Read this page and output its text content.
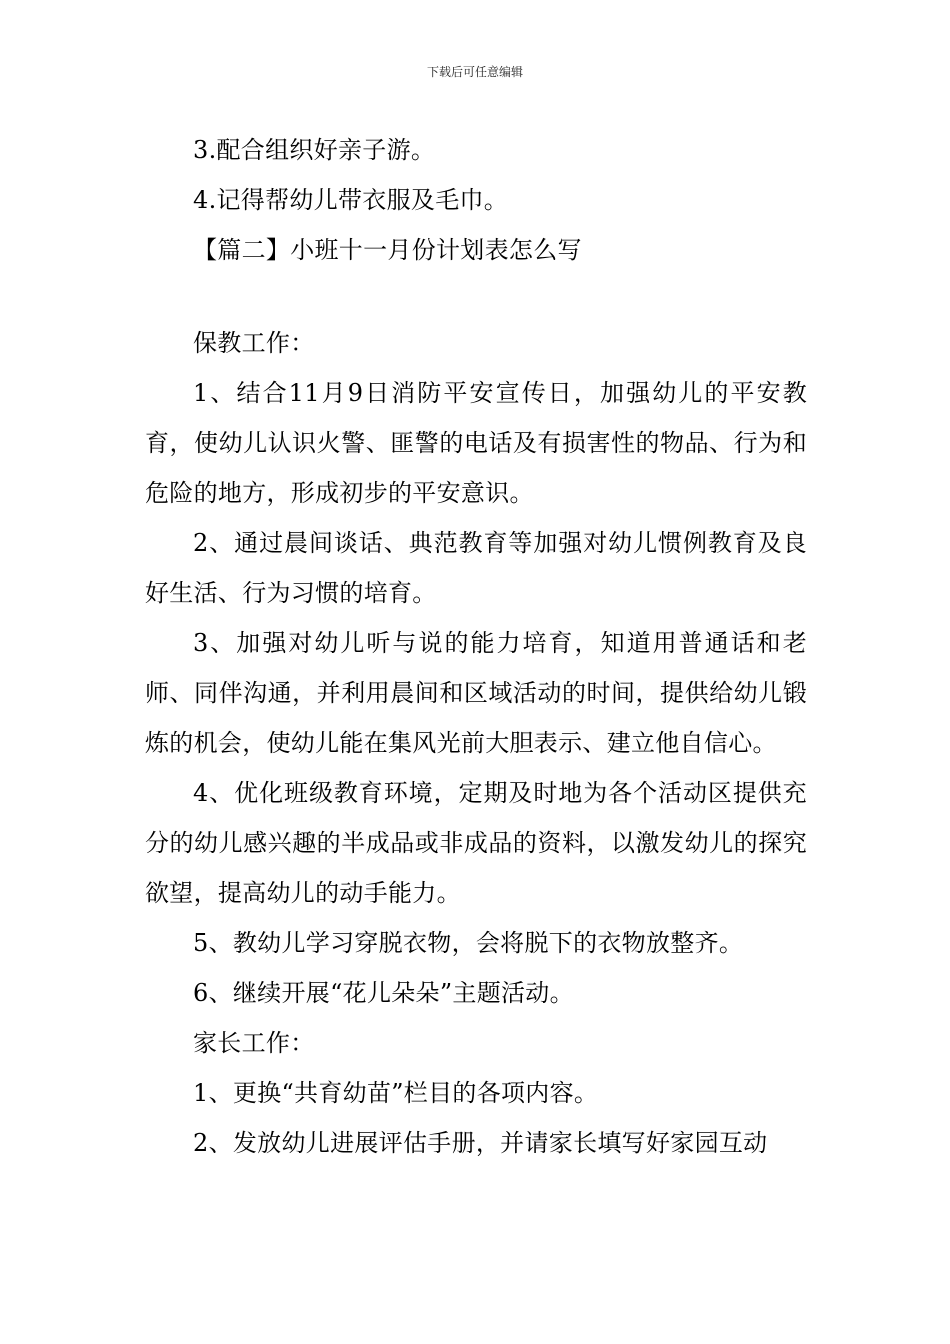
下载后可任意编辑

3.配合组织好亲子游。

4.记得帮幼儿带衣服及毛巾。

【篇二】小班十一月份计划表怎么写

保教工作：

1、结合11月9日消防平安宣传日，加强幼儿的平安教育，使幼儿认识火警、匪警的电话及有损害性的物品、行为和危险的地方，形成初步的平安意识。

2、通过晨间谈话、典范教育等加强对幼儿惯例教育及良好生活、行为习惯的培育。

3、加强对幼儿听与说的能力培育，知道用普通话和老师、同伴沟通，并利用晨间和区域活动的时间，提供给幼儿锻炼的机会，使幼儿能在集风光前大胆表示、建立他自信心。

4、优化班级教育环境，定期及时地为各个活动区提供充分的幼儿感兴趣的半成品或非成品的资料，以激发幼儿的探究欲望，提高幼儿的动手能力。

5、教幼儿学习穿脱衣物，会将脱下的衣物放整齐。

6、继续开展“花儿朵朵”主题活动。

家长工作：

1、更换“共育幼苗”栏目的各项内容。

2、发放幼儿进展评估手册，并请家长填写好家园互动
